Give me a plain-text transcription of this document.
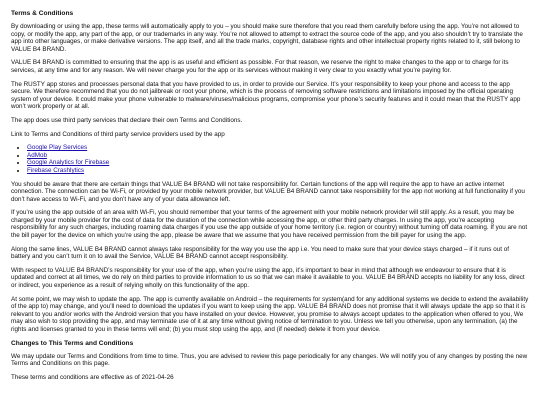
Terms & Conditions

By downloading or using the app, these terms will automatically apply to you – you should make sure therefore that you read them carefully before using the app. You’re not allowed to copy, or modify the app, any part of the app, or our trademarks in any way. You’re not allowed to attempt to extract the source code of the app, and you also shouldn’t try to translate the app into other languages, or make derivative versions. The app itself, and all the trade marks, copyright, database rights and other intellectual property rights related to it, still belong to VALUE B4 BRAND.

VALUE B4 BRAND is committed to ensuring that the app is as useful and efficient as possible. For that reason, we reserve the right to make changes to the app or to charge for its services, at any time and for any reason. We will never charge you for the app or its services without making it very clear to you exactly what you’re paying for.

The RUSTY app stores and processes personal data that you have provided to us, in order to provide our Service. It’s your responsibility to keep your phone and access to the app secure. We therefore recommend that you do not jailbreak or root your phone, which is the process of removing software restrictions and limitations imposed by the official operating system of your device. It could make your phone vulnerable to malware/viruses/malicious programs, compromise your phone’s security features and it could mean that the RUSTY app won’t work properly or at all.

The app does use third party services that declare their own Terms and Conditions.

Link to Terms and Conditions of third party service providers used by the app

• Google Play Services
• AdMob
• Google Analytics for Firebase
• Firebase Crashlytics

You should be aware that there are certain things that VALUE B4 BRAND will not take responsibility for. Certain functions of the app will require the app to have an active internet connection. The connection can be Wi-Fi, or provided by your mobile network provider, but VALUE B4 BRAND cannot take responsibility for the app not working at full functionality if you don’t have access to Wi-Fi, and you don’t have any of your data allowance left.

If you’re using the app outside of an area with Wi-Fi, you should remember that your terms of the agreement with your mobile network provider will still apply. As a result, you may be charged by your mobile provider for the cost of data for the duration of the connection while accessing the app, or other third party charges. In using the app, you’re accepting responsibility for any such charges, including roaming data charges if you use the app outside of your home territory (i.e. region or country) without turning off data roaming. If you are not the bill payer for the device on which you’re using the app, please be aware that we assume that you have received permission from the bill payer for using the app.

Along the same lines, VALUE B4 BRAND cannot always take responsibility for the way you use the app i.e. You need to make sure that your device stays charged – if it runs out of battery and you can’t turn it on to avail the Service, VALUE B4 BRAND cannot accept responsibility.

With respect to VALUE B4 BRAND’s responsibility for your use of the app, when you’re using the app, it’s important to bear in mind that although we endeavour to ensure that it is updated and correct at all times, we do rely on third parties to provide information to us so that we can make it available to you. VALUE B4 BRAND accepts no liability for any loss, direct or indirect, you experience as a result of relying wholly on this functionality of the app.

At some point, we may wish to update the app. The app is currently available on Android – the requirements for system(and for any additional systems we decide to extend the availability of the app to) may change, and you’ll need to download the updates if you want to keep using the app. VALUE B4 BRAND does not promise that it will always update the app so that it is relevant to you and/or works with the Android version that you have installed on your device. However, you promise to always accept updates to the application when offered to you, We may also wish to stop providing the app, and may terminate use of it at any time without giving notice of termination to you. Unless we tell you otherwise, upon any termination, (a) the rights and licenses granted to you in these terms will end; (b) you must stop using the app, and (if needed) delete it from your device.

Changes to This Terms and Conditions

We may update our Terms and Conditions from time to time. Thus, you are advised to review this page periodically for any changes. We will notify you of any changes by posting the new Terms and Conditions on this page.

These terms and conditions are effective as of 2021-04-26
